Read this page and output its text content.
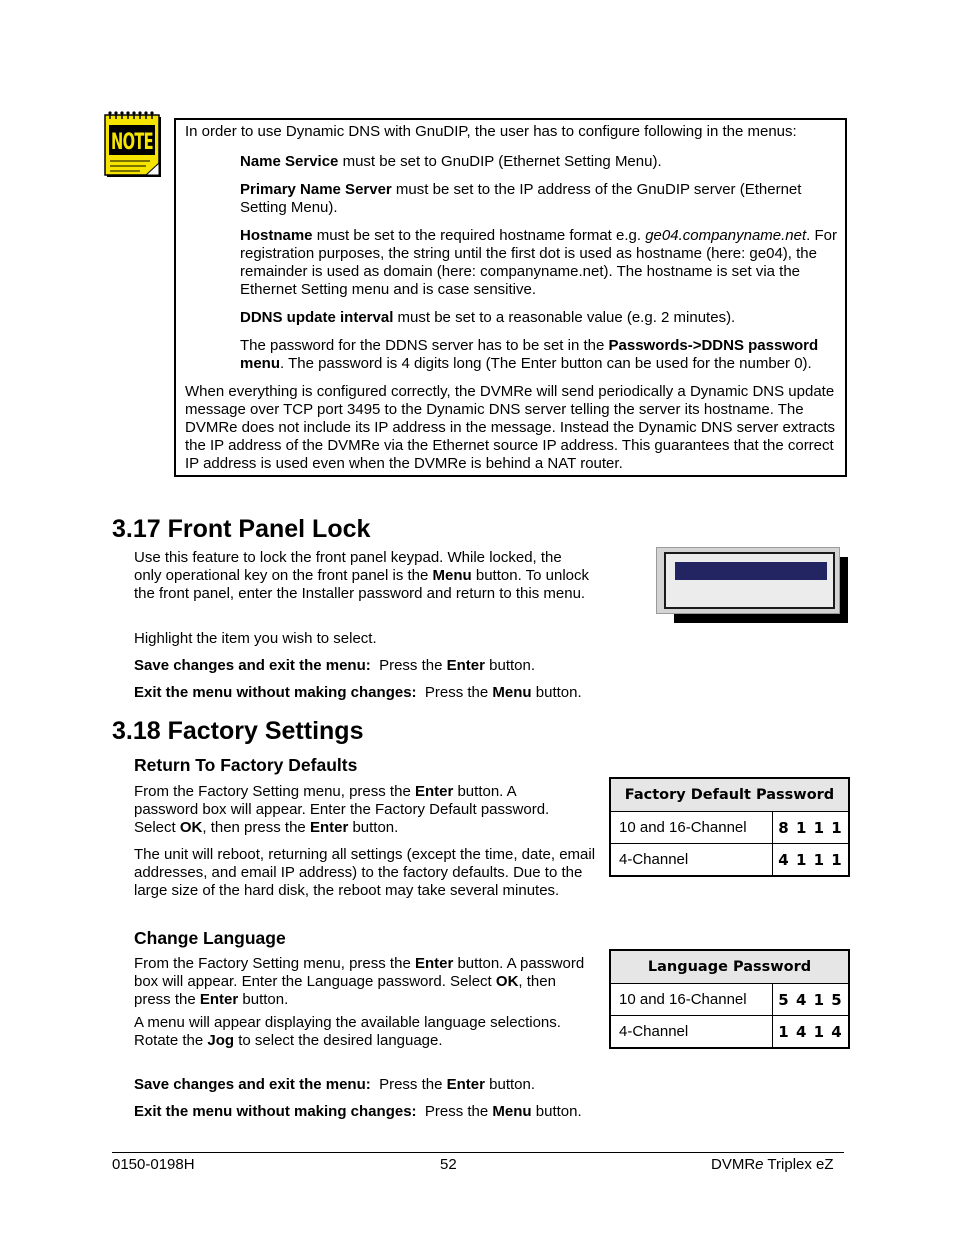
NOTE In order to use Dynamic DNS with GnuDIP, the user has to configure following in the menus:
Name Service must be set to GnuDIP (Ethernet Setting Menu).
Primary Name Server must be set to the IP address of the GnuDIP server (Ethernet Setting Menu).
Hostname must be set to the required hostname format e.g. ge04.companyname.net. For registration purposes, the string until the first dot is used as hostname (here: ge04), the remainder is used as domain (here: companyname.net). The hostname is set via the Ethernet Setting menu and is case sensitive.
DDNS update interval must be set to a reasonable value (e.g. 2 minutes).
The password for the DDNS server has to be set in the Passwords->DDNS password menu. The password is 4 digits long (The Enter button can be used for the number 0).
When everything is configured correctly, the DVMRe will send periodically a Dynamic DNS update message over TCP port 3495 to the Dynamic DNS server telling the server its hostname. The DVMRe does not include its IP address in the message. Instead the Dynamic DNS server extracts the IP address of the DVMRe via the Ethernet source IP address. This guarantees that the correct IP address is used even when the DVMRe is behind a NAT router.
3.17 Front Panel Lock
Use this feature to lock the front panel keypad. While locked, the only operational key on the front panel is the Menu button. To unlock the front panel, enter the Installer password and return to this menu.
Highlight the item you wish to select.
Save changes and exit the menu:  Press the Enter button.
Exit the menu without making changes:  Press the Menu button.
3.18 Factory Settings
Return To Factory Defaults
From the Factory Setting menu, press the Enter button. A password box will appear. Enter the Factory Default password. Select OK, then press the Enter button.
The unit will reboot, returning all settings (except the time, date, email addresses, and email IP address) to the factory defaults. Due to the large size of the hard disk, the reboot may take several minutes.
Factory Default Password	
10 and 16-Channel	8 1 1 1
4-Channel	4 1 1 1
Change Language
From the Factory Setting menu, press the Enter button. A password box will appear. Enter the Language password. Select OK, then press the Enter button.
A menu will appear displaying the available language selections. Rotate the Jog to select the desired language.
Language Password	
10 and 16-Channel	5 4 1 5
4-Channel	1 4 1 4
Save changes and exit the menu:  Press the Enter button.
Exit the menu without making changes:  Press the Menu button.
0150-0198H	52	DVMRe Triplex eZ
